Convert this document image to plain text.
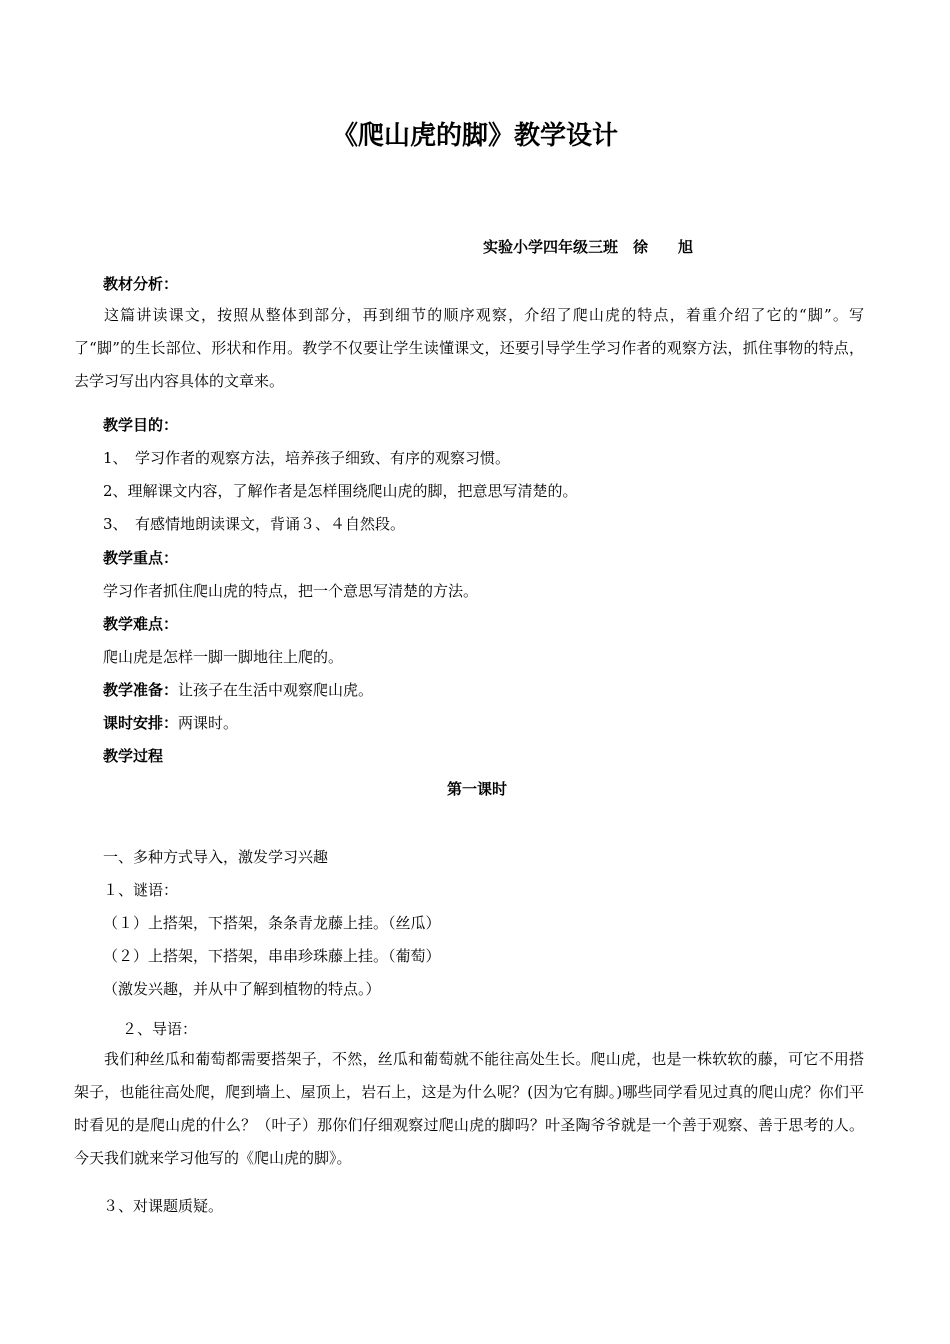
《爬山虎的脚》教学设计
实验小学四年级三班　徐　　旭
教材分析：
这篇讲读课文，按照从整体到部分，再到细节的顺序观察，介绍了爬山虎的特点，着重介绍了它的“脚”。写了“脚”的生长部位、形状和作用。教学不仅要让学生读懂课文，还要引导学生学习作者的观察方法，抓住事物的特点，去学习写出内容具体的文章来。
教学目的：
1、　学习作者的观察方法，培养孩子细致、有序的观察习惯。
2、理解课文内容，了解作者是怎样围绕爬山虎的脚，把意思写清楚的。
3、　有感情地朗读课文，背诵３、４自然段。
教学重点：
学习作者抓住爬山虎的特点，把一个意思写清楚的方法。
教学难点：
爬山虎是怎样一脚一脚地往上爬的。
教学准备：让孩子在生活中观察爬山虎。
课时安排：两课时。
教学过程
第一课时
一、多种方式导入，激发学习兴趣
１、谜语：
（１）上搭架，下搭架，条条青龙藤上挂。（丝瓜）
（２）上搭架，下搭架，串串珍珠藤上挂。（葡萄）
（激发兴趣，并从中了解到植物的特点。）
２、导语：
我们种丝瓜和葡萄都需要搭架子，不然，丝瓜和葡萄就不能往高处生长。爬山虎，也是一株软软的藤，可它不用搭架子，也能往高处爬，爬到墙上、屋顶上，岩石上，这是为什么呢？(因为它有脚。)哪些同学看见过真的爬山虎？你们平时看见的是爬山虎的什么？（叶子）那你们仔细观察过爬山虎的脚吗？叶圣陶爷爷就是一个善于观察、善于思考的人。今天我们就来学习他写的《爬山虎的脚》。
３、对课题质疑。
